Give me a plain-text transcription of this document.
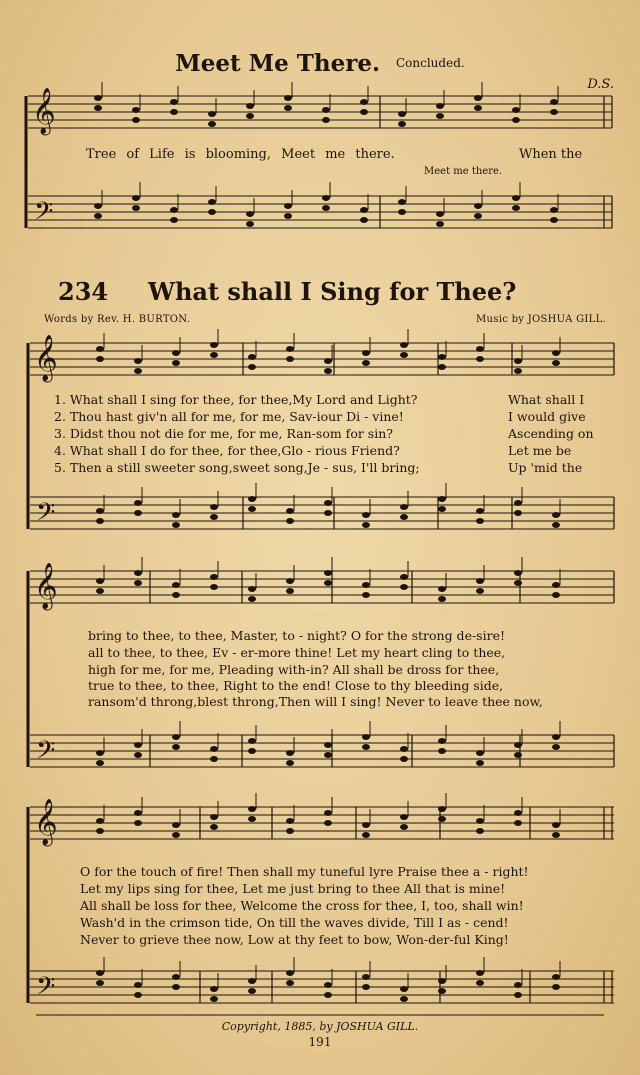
𝄞
𝄢
𝄞
𝄢
𝄞
𝄢
𝄞
𝄢
Meet Me There. Concluded.
D.S.
Tree of Life is blooming, Meet me there.	When the
Meet me there.
234 What shall I Sing for Thee?
Words by Rev. H. BURTON.	Music by JOSHUA GILL.
1. What shall I sing for thee, for thee,My Lord and Light?	What shall I
2. Thou hast giv'n all for me, for me, Sav-iour Di - vine!	I would give
3. Didst thou not die for me, for me, Ran-som for sin?	Ascending on
4. What shall I do for thee, for thee,Glo - rious Friend?	Let me be
5. Then a still sweeter song,sweet song,Je - sus, I'll bring;	Up 'mid the
bring to thee, to thee, Master, to - night? O for the strong de-sire!
all to thee, to thee, Ev - er-more thine! Let my heart cling to thee,
high for me, for me, Pleading with-in? All shall be dross for thee,
true to thee, to thee, Right to the end! Close to thy bleeding side,
ransom'd throng,blest throng,Then will I sing! Never to leave thee now,
O for the touch of fire! Then shall my tuneful lyre Praise thee a - right!
Let my lips sing for thee, Let me just bring to thee All that is mine!
All shall be loss for thee, Welcome the cross for thee, I, too, shall win!
Wash'd in the crimson tide, On till the waves divide, Till I as - cend!
Never to grieve thee now, Low at thy feet to bow, Won-der-ful King!
Copyright, 1885, by JOSHUA GILL.
191
